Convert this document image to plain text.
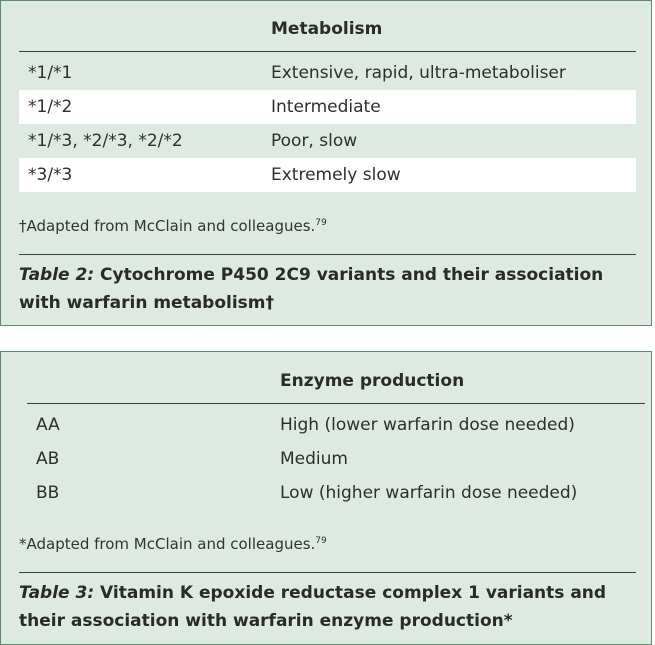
Metabolism
*1/*1	Extensive, rapid, ultra-metaboliser
*1/*2	Intermediate
*1/*3, *2/*3, *2/*2	Poor, slow
*3/*3	Extremely slow
†Adapted from McClain and colleagues.$^{79}$
Table 2: Cytochrome P450 2C9 variants and their association with warfarin metabolism†
Enzyme production
AA	High (lower warfarin dose needed)
AB	Medium
BB	Low (higher warfarin dose needed)
*Adapted from McClain and colleagues.$^{79}$
Table 3: Vitamin K epoxide reductase complex 1 variants and their association with warfarin enzyme production*
